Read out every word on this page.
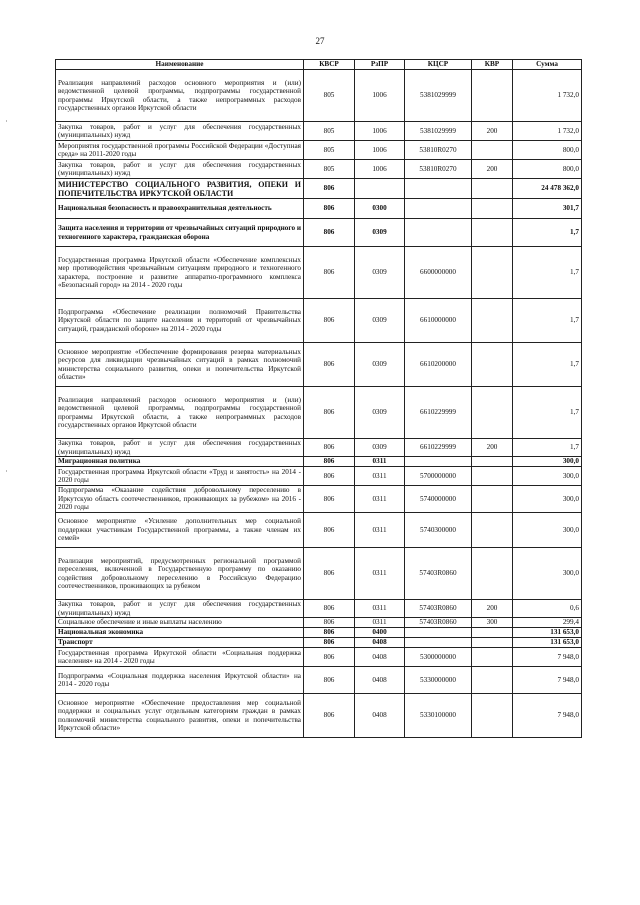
27
Наименование	КВСР	РзПР	КЦСР	КВР	Сумма
Реализация направлений расходов основного мероприятия и (или) ведомственной целевой программы, подпрограммы государственной программы Иркутской области, а также непрограммных расходов государственных органов Иркутской области	805	1006	5381029999		1 732,0
Закупка товаров, работ и услуг для обеспечения государственных (муниципальных) нужд	805	1006	5381029999	200	1 732,0
Мероприятия государственной программы Российской Федерации «Доступная среда» на 2011-2020 годы	805	1006	53810R0270		800,0
Закупка товаров, работ и услуг для обеспечения государственных (муниципальных) нужд	805	1006	53810R0270	200	800,0
МИНИСТЕРСТВО СОЦИАЛЬНОГО РАЗВИТИЯ, ОПЕКИ И ПОПЕЧИТЕЛЬСТВА ИРКУТСКОЙ ОБЛАСТИ	806				24 478 362,0
Национальная безопасность и правоохранительная деятельность	806	0300			301,7
Защита населения и территории от чрезвычайных ситуаций природного и техногенного характера, гражданская оборона	806	0309			1,7
Государственная программа Иркутской области «Обеспечение комплексных мер противодействия чрезвычайным ситуациям природного и техногенного характера, построение и развитие аппаратно-программного комплекса «Безопасный город» на 2014 - 2020 годы	806	0309	6600000000		1,7
Подпрограмма «Обеспечение реализации полномочий Правительства Иркутской области по защите населения и территорий от чрезвычайных ситуаций, гражданской обороне» на 2014 - 2020 годы	806	0309	6610000000		1,7
Основное мероприятие «Обеспечение формирования резерва материальных ресурсов для ликвидации чрезвычайных ситуаций в рамках полномочий министерства социального развития, опеки и попечительства Иркутской области»	806	0309	6610200000		1,7
Реализация направлений расходов основного мероприятия и (или) ведомственной целевой программы, подпрограммы государственной программы Иркутской области, а также непрограммных расходов государственных органов Иркутской области	806	0309	6610229999		1,7
Закупка товаров, работ и услуг для обеспечения государственных (муниципальных) нужд	806	0309	6610229999	200	1,7
Миграционная политика	806	0311			300,0
Государственная программа Иркутской области «Труд и занятость» на 2014 - 2020 годы	806	0311	5700000000		300,0
Подпрограмма «Оказание содействия добровольному переселению в Иркутскую область соотечественников, проживающих за рубежом» на 2016 - 2020 годы	806	0311	5740000000		300,0
Основное мероприятие «Усиление дополнительных мер социальной поддержки участникам Государственной программы, а также членам их семей»	806	0311	5740300000		300,0
Реализация мероприятий, предусмотренных региональной программой переселения, включенной в Государственную программу по оказанию содействия добровольному переселению в Российскую Федерацию соотечественников, проживающих за рубежом	806	0311	57403R0860		300,0
Закупка товаров, работ и услуг для обеспечения государственных (муниципальных) нужд	806	0311	57403R0860	200	0,6
Социальное обеспечение и иные выплаты населению	806	0311	57403R0860	300	299,4
Национальная экономика	806	0400			131 653,0
Транспорт	806	0408			131 653,0
Государственная программа Иркутской области «Социальная поддержка населения» на 2014 - 2020 годы	806	0408	5300000000		7 948,0
Подпрограмма «Социальная поддержка населения Иркутской области» на 2014 - 2020 годы	806	0408	5330000000		7 948,0
Основное мероприятие «Обеспечение предоставления мер социальной поддержки и социальных услуг отдельным категориям граждан в рамках полномочий министерства социального развития, опеки и попечительства Иркутской области»	806	0408	5330100000		7 948,0
